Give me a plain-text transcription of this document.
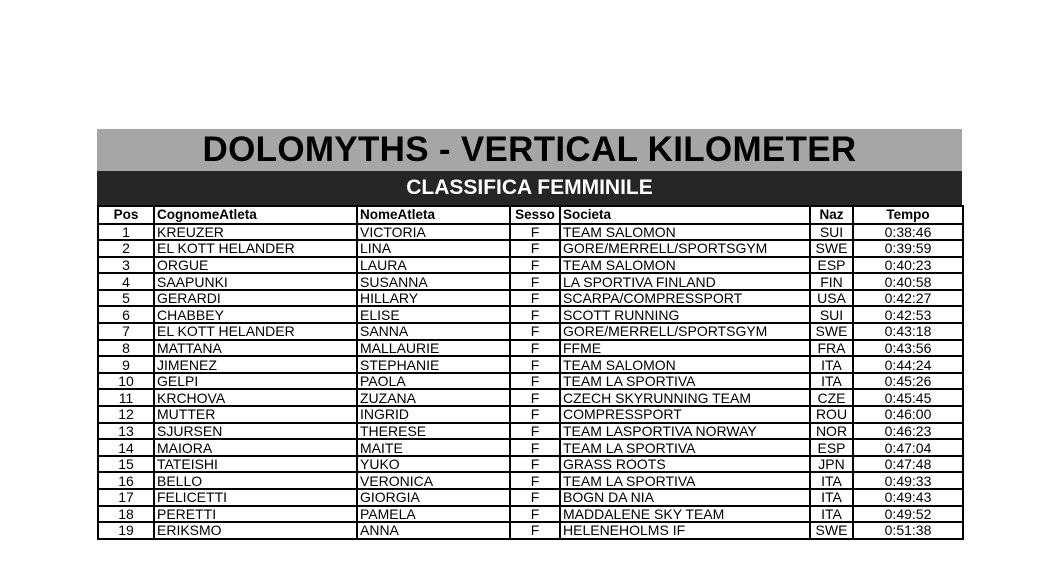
DOLOMYTHS - VERTICAL KILOMETER
CLASSIFICA FEMMINILE
Pos	CognomeAtleta	NomeAtleta	Sesso	Societa	Naz	Tempo
1	KREUZER	VICTORIA	F	TEAM SALOMON	SUI	0:38:46
2	EL KOTT HELANDER	LINA	F	GORE/MERRELL/SPORTSGYM	SWE	0:39:59
3	ORGUE	LAURA	F	TEAM SALOMON	ESP	0:40:23
4	SAAPUNKI	SUSANNA	F	LA SPORTIVA FINLAND	FIN	0:40:58
5	GERARDI	HILLARY	F	SCARPA/COMPRESSPORT	USA	0:42:27
6	CHABBEY	ELISE	F	SCOTT RUNNING	SUI	0:42:53
7	EL KOTT HELANDER	SANNA	F	GORE/MERRELL/SPORTSGYM	SWE	0:43:18
8	MATTANA	MALLAURIE	F	FFME	FRA	0:43:56
9	JIMENEZ	STEPHANIE	F	TEAM SALOMON	ITA	0:44:24
10	GELPI	PAOLA	F	TEAM LA SPORTIVA	ITA	0:45:26
11	KRCHOVA	ZUZANA	F	CZECH SKYRUNNING TEAM	CZE	0:45:45
12	MUTTER	INGRID	F	COMPRESSPORT	ROU	0:46:00
13	SJURSEN	THERESE	F	TEAM LASPORTIVA NORWAY	NOR	0:46:23
14	MAIORA	MAITE	F	TEAM LA SPORTIVA	ESP	0:47:04
15	TATEISHI	YUKO	F	GRASS ROOTS	JPN	0:47:48
16	BELLO	VERONICA	F	TEAM LA SPORTIVA	ITA	0:49:33
17	FELICETTI	GIORGIA	F	BOGN DA NIA	ITA	0:49:43
18	PERETTI	PAMELA	F	MADDALENE SKY TEAM	ITA	0:49:52
19	ERIKSMO	ANNA	F	HELENEHOLMS IF	SWE	0:51:38
